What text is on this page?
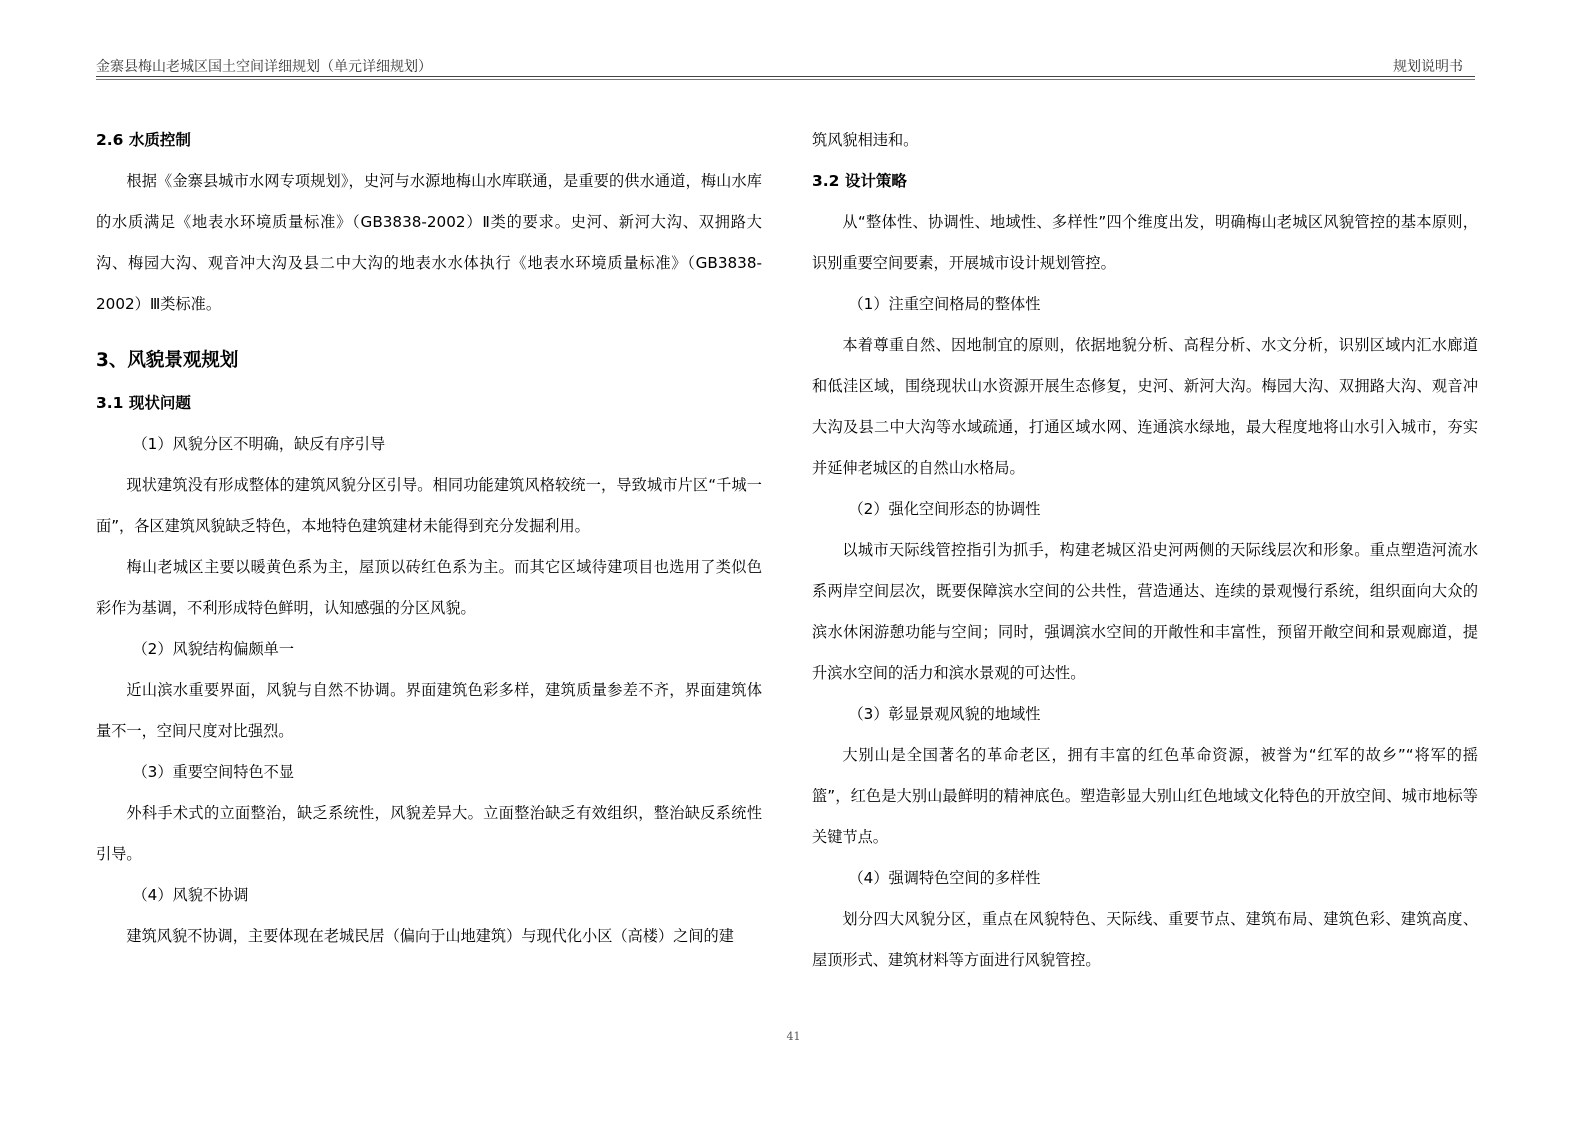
金寨县梅山老城区国土空间详细规划（单元详细规划）	规划说明书

2.6 水质控制

根据《金寨县城市水网专项规划》，史河与水源地梅山水库联通，是重要的供水通道，梅山水库的水质满足《地表水环境质量标准》（GB3838-2002）Ⅱ类的要求。史河、新河大沟、双拥路大沟、梅园大沟、观音冲大沟及县二中大沟的地表水水体执行《地表水环境质量标准》（GB3838-2002）Ⅲ类标准。

3、风貌景观规划

3.1 现状问题

（1）风貌分区不明确，缺反有序引导

现状建筑没有形成整体的建筑风貌分区引导。相同功能建筑风格较统一，导致城市片区“千城一面”，各区建筑风貌缺乏特色，本地特色建筑建材未能得到充分发掘利用。

梅山老城区主要以暖黄色系为主，屋顶以砖红色系为主。而其它区域待建项目也选用了类似色彩作为基调，不利形成特色鲜明，认知感强的分区风貌。

（2）风貌结构偏颇单一

近山滨水重要界面，风貌与自然不协调。界面建筑色彩多样，建筑质量参差不齐，界面建筑体量不一，空间尺度对比强烈。

（3）重要空间特色不显

外科手术式的立面整治，缺乏系统性，风貌差异大。立面整治缺乏有效组织，整治缺反系统性引导。

（4）风貌不协调

建筑风貌不协调，主要体现在老城民居（偏向于山地建筑）与现代化小区（高楼）之间的建

筑风貌相违和。

3.2 设计策略

从“整体性、协调性、地域性、多样性”四个维度出发，明确梅山老城区风貌管控的基本原则，识别重要空间要素，开展城市设计规划管控。

（1）注重空间格局的整体性

本着尊重自然、因地制宜的原则，依据地貌分析、高程分析、水文分析，识别区域内汇水廊道和低洼区域，围绕现状山水资源开展生态修复，史河、新河大沟。梅园大沟、双拥路大沟、观音冲大沟及县二中大沟等水域疏通，打通区域水网、连通滨水绿地，最大程度地将山水引入城市，夯实并延伸老城区的自然山水格局。

（2）强化空间形态的协调性

以城市天际线管控指引为抓手，构建老城区沿史河两侧的天际线层次和形象。重点塑造河流水系两岸空间层次，既要保障滨水空间的公共性，营造通达、连续的景观慢行系统，组织面向大众的滨水休闲游憩功能与空间；同时，强调滨水空间的开敞性和丰富性，预留开敞空间和景观廊道，提升滨水空间的活力和滨水景观的可达性。

（3）彰显景观风貌的地域性

大别山是全国著名的革命老区，拥有丰富的红色革命资源，被誉为“红军的故乡”“将军的摇篮”，红色是大别山最鲜明的精神底色。塑造彰显大别山红色地域文化特色的开放空间、城市地标等关键节点。

（4）强调特色空间的多样性

划分四大风貌分区，重点在风貌特色、天际线、重要节点、建筑布局、建筑色彩、建筑高度、屋顶形式、建筑材料等方面进行风貌管控。

41
